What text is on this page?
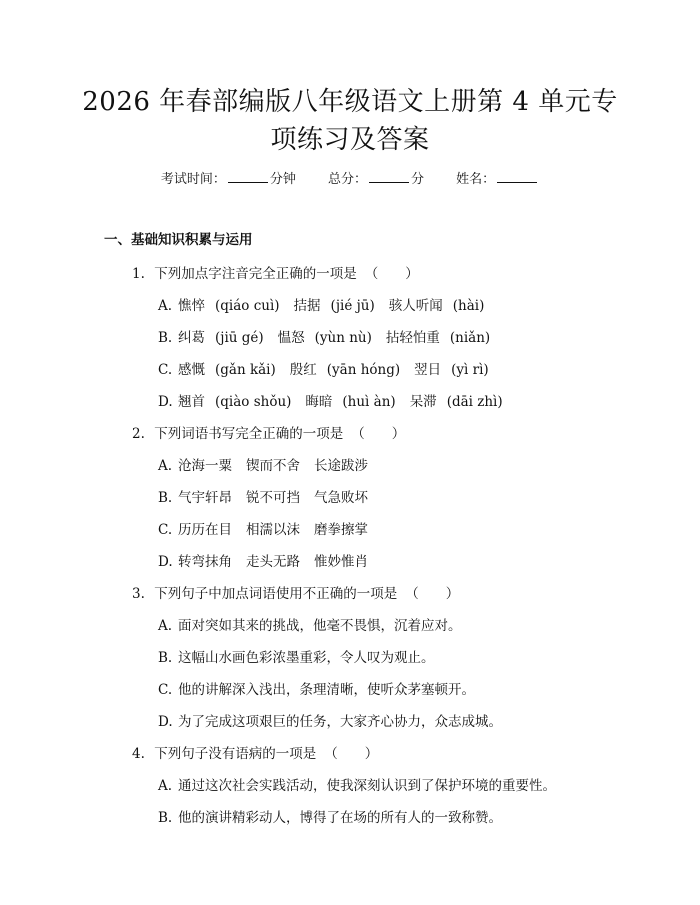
2026 年春部编版八年级语文上册第 4 单元专
项练习及答案
考试时间：	分钟 总分：	分 姓名：
一、基础知识积累与运用
1. 下列加点字注音完全正确的一项是 （　　）
A. 憔悴 (qiáo cuì) 拮据 (jié jū) 骇人听闻 (hài)
B. 纠葛 (jiū gé) 愠怒 (yùn nù) 拈轻怕重 (niǎn)
C. 感慨 (gǎn kǎi) 殷红 (yān hóng) 翌日 (yì rì)
D. 翘首 (qiào shǒu) 晦暗 (huì àn) 呆滞 (dāi zhì)
2. 下列词语书写完全正确的一项是 （　　）
A. 沧海一粟 锲而不舍 长途跋涉
B. 气宇轩昂 锐不可挡 气急败坏
C. 历历在目 相濡以沫 磨拳擦掌
D. 转弯抹角 走头无路 惟妙惟肖
3. 下列句子中加点词语使用不正确的一项是 （　　）
A. 面对突如其来的挑战，他毫不畏惧，沉着应对。
B. 这幅山水画色彩浓墨重彩，令人叹为观止。
C. 他的讲解深入浅出，条理清晰，使听众茅塞顿开。
D. 为了完成这项艰巨的任务，大家齐心协力，众志成城。
4. 下列句子没有语病的一项是 （　　）
A. 通过这次社会实践活动，使我深刻认识到了保护环境的重要性。
B. 他的演讲精彩动人，博得了在场的所有人的一致称赞。
